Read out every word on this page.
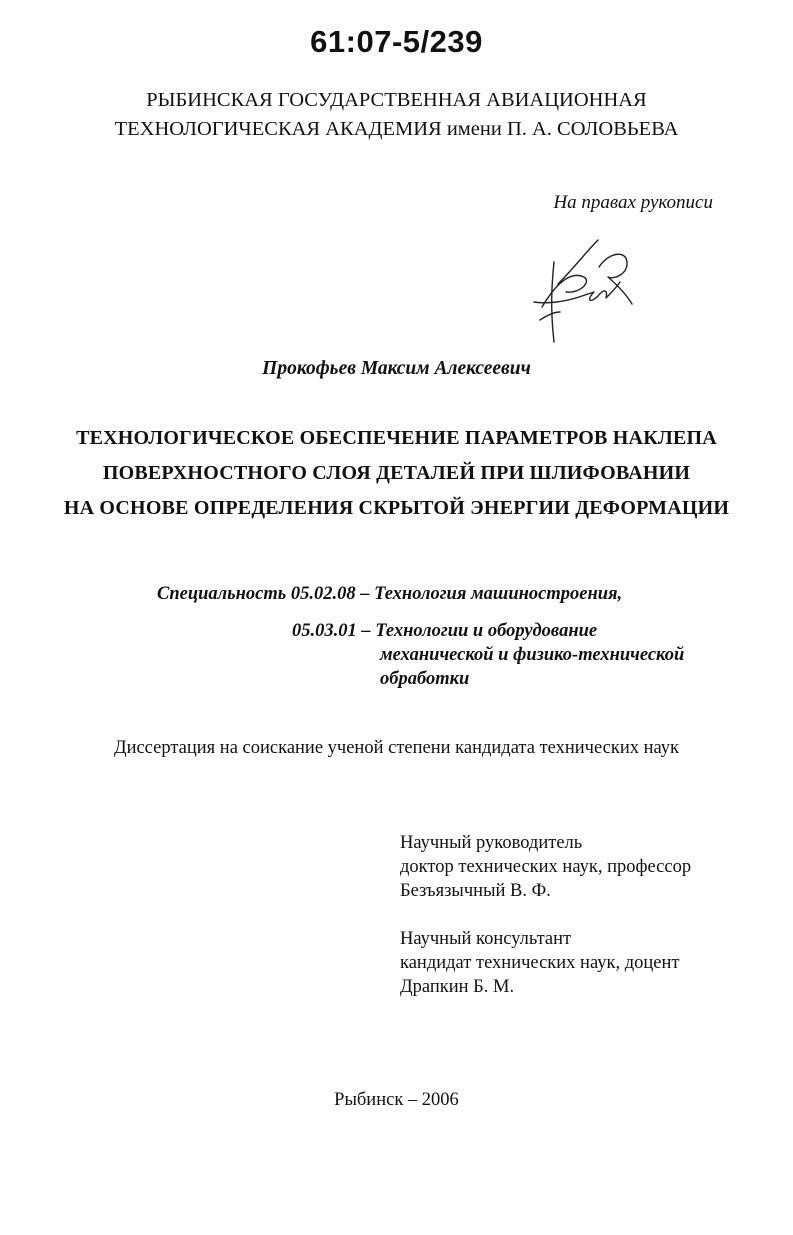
61:07-5/239

РЫБИНСКАЯ ГОСУДАРСТВЕННАЯ АВИАЦИОННАЯ

ТЕХНОЛОГИЧЕСКАЯ АКАДЕМИЯ имени П. А. СОЛОВЬЕВА

На правах рукописи

Прокофьев Максим Алексеевич

ТЕХНОЛОГИЧЕСКОЕ ОБЕСПЕЧЕНИЕ ПАРАМЕТРОВ НАКЛЕПА

ПОВЕРХНОСТНОГО СЛОЯ ДЕТАЛЕЙ ПРИ ШЛИФОВАНИИ

НА ОСНОВЕ ОПРЕДЕЛЕНИЯ СКРЫТОЙ ЭНЕРГИИ ДЕФОРМАЦИИ

Специальность 05.02.08 – Технология машиностроения,

05.03.01 – Технологии и оборудование

механической и физико-технической

обработки

Диссертация на соискание ученой степени кандидата технических наук

Научный руководитель

доктор технических наук, профессор

Безъязычный В. Ф.

Научный консультант

кандидат технических наук, доцент

Драпкин Б. М.

Рыбинск – 2006
